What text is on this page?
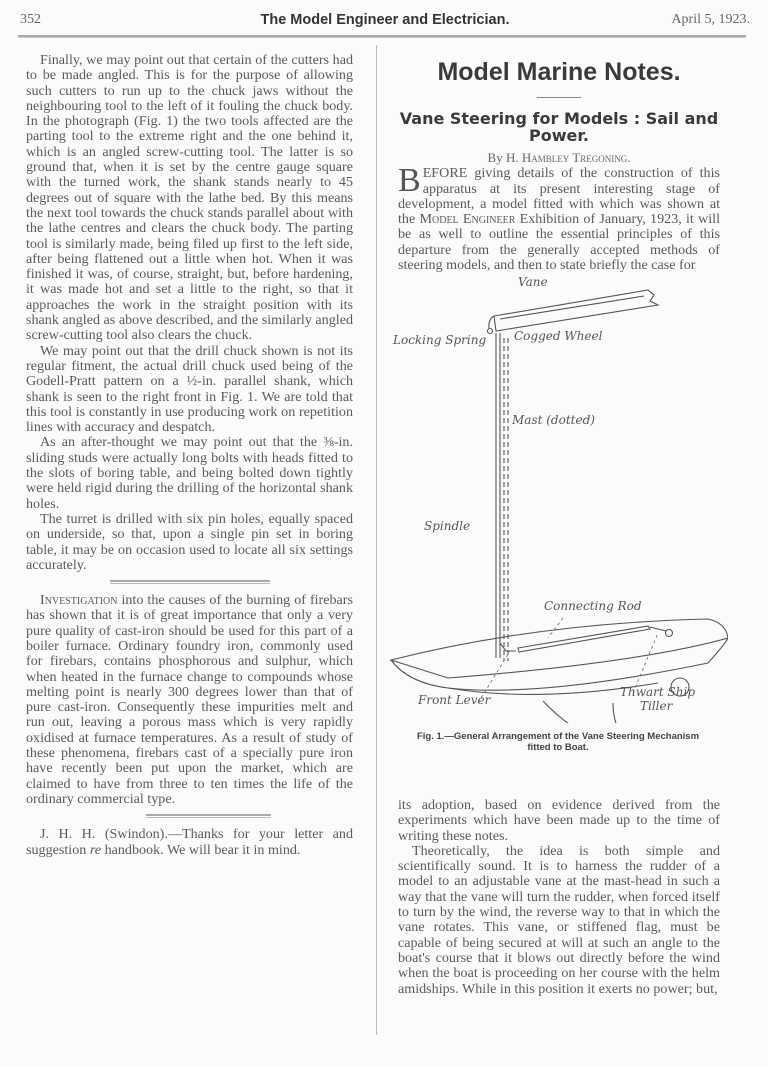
352	The Model Engineer and Electrician.	April 5, 1923.

Finally, we may point out that certain of the cutters had to be made angled. This is for the purpose of allowing such cutters to run up to the chuck jaws without the neighbouring tool to the left of it fouling the chuck body. In the photograph (Fig. 1) the two tools affected are the parting tool to the extreme right and the one behind it, which is an angled screw-cutting tool. The latter is so ground that, when it is set by the centre gauge square with the turned work, the shank stands nearly to 45 degrees out of square with the lathe bed. By this means the next tool towards the chuck stands parallel about with the lathe centres and clears the chuck body. The parting tool is similarly made, being filed up first to the left side, after being flattened out a little when hot. When it was finished it was, of course, straight, but, before hardening, it was made hot and set a little to the right, so that it approaches the work in the straight position with its shank angled as above described, and the similarly angled screw-cutting tool also clears the chuck.

We may point out that the drill chuck shown is not its regular fitment, the actual drill chuck used being of the Godell-Pratt pattern on a ½-in. parallel shank, which shank is seen to the right front in Fig. 1. We are told that this tool is constantly in use producing work on repetition lines with accuracy and despatch.

As an after-thought we may point out that the ⅜-in. sliding studs were actually long bolts with heads fitted to the slots of boring table, and being bolted down tightly were held rigid during the drilling of the horizontal shank holes.

The turret is drilled with six pin holes, equally spaced on underside, so that, upon a single pin set in boring table, it may be on occasion used to locate all six settings accurately.

Investigation into the causes of the burning of firebars has shown that it is of great importance that only a very pure quality of cast-iron should be used for this part of a boiler furnace. Ordinary foundry iron, commonly used for firebars, contains phosphorous and sulphur, which when heated in the furnace change to compounds whose melting point is nearly 300 degrees lower than that of pure cast-iron. Consequently these impurities melt and run out, leaving a porous mass which is very rapidly oxidised at furnace temperatures. As a result of study of these phenomena, firebars cast of a specially pure iron have recently been put upon the market, which are claimed to have from three to ten times the life of the ordinary commercial type.

J. H. H. (Swindon).—Thanks for your letter and suggestion re handbook. We will bear it in mind.

Model Marine Notes.
Vane Steering for Models : Sail and Power.
By H. Hambley Tregoning.

BEFORE giving details of the construction of this apparatus at its present interesting stage of development, a model fitted with which was shown at the Model Engineer Exhibition of January, 1923, it will be as well to outline the essential principles of this departure from the generally accepted methods of steering models, and then to state briefly the case for

Vane
Locking Spring Cogged Wheel
Mast (dotted)
Spindle
Connecting Rod
Front Lever
Thwart Ship
Tiller
Fig. 1.—General Arrangement of the Vane Steering Mechanism
fitted to Boat.

its adoption, based on evidence derived from the experiments which have been made up to the time of writing these notes.

Theoretically, the idea is both simple and scientifically sound. It is to harness the rudder of a model to an adjustable vane at the mast-head in such a way that the vane will turn the rudder, when forced itself to turn by the wind, the reverse way to that in which the vane rotates. This vane, or stiffened flag, must be capable of being secured at will at such an angle to the boat's course that it blows out directly before the wind when the boat is proceeding on her course with the helm amidships. While in this position it exerts no power; but,
